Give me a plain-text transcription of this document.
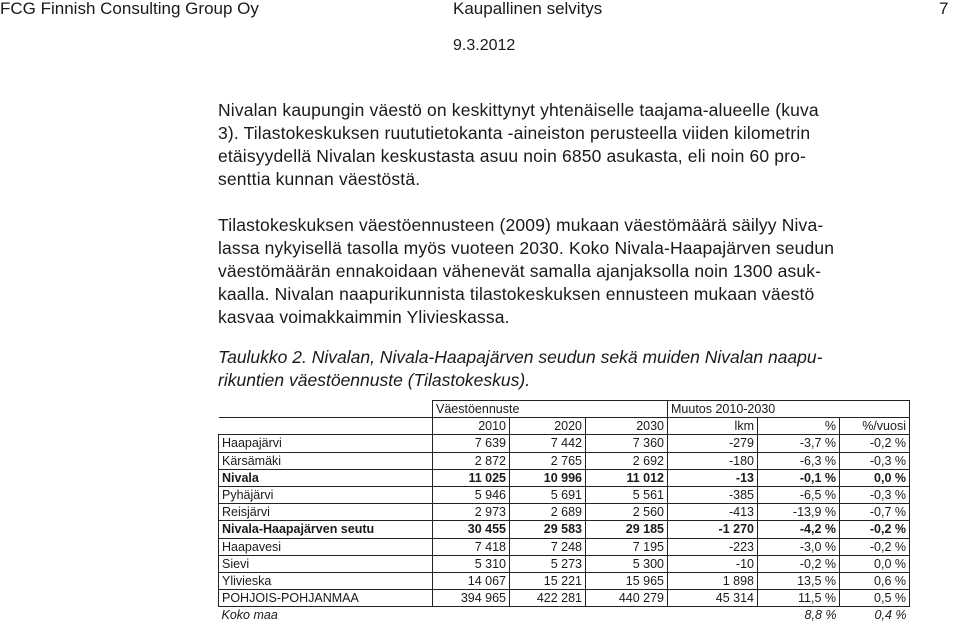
FCG Finnish Consulting Group Oy	Kaupallinen selvitys	7
9.3.2012

Nivalan kaupungin väestö on keskittynyt yhtenäiselle taajama-alueelle (kuva
3). Tilastokeskuksen ruututietokanta -aineiston perusteella viiden kilometrin
etäisyydellä Nivalan keskustasta asuu noin 6850 asukasta, eli noin 60 pro-
senttia kunnan väestöstä.

Tilastokeskuksen väestöennusteen (2009) mukaan väestömäärä säilyy Niva-
lassa nykyisellä tasolla myös vuoteen 2030. Koko Nivala-Haapajärven seudun
väestömäärän ennakoidaan vähenevät samalla ajanjaksolla noin 1300 asuk-
kaalla. Nivalan naapurikunnista tilastokeskuksen ennusteen mukaan väestö
kasvaa voimakkaimmin Ylivieskassa.

Taulukko 2. Nivalan, Nivala-Haapajärven seudun sekä muiden Nivalan naapu-
rikuntien väestöennuste (Tilastokeskus).

	Väestöennuste			Muutos 2010-2030		
	2010	2020	2030	lkm	%	%/vuosi
Haapajärvi	7 639	7 442	7 360	-279	-3,7 %	-0,2 %
Kärsämäki	2 872	2 765	2 692	-180	-6,3 %	-0,3 %
Nivala	11 025	10 996	11 012	-13	-0,1 %	0,0 %
Pyhäjärvi	5 946	5 691	5 561	-385	-6,5 %	-0,3 %
Reisjärvi	2 973	2 689	2 560	-413	-13,9 %	-0,7 %
Nivala-Haapajärven seutu	30 455	29 583	29 185	-1 270	-4,2 %	-0,2 %
Haapavesi	7 418	7 248	7 195	-223	-3,0 %	-0,2 %
Sievi	5 310	5 273	5 300	-10	-0,2 %	0,0 %
Ylivieska	14 067	15 221	15 965	1 898	13,5 %	0,6 %
POHJOIS-POHJANMAA	394 965	422 281	440 279	45 314	11,5 %	0,5 %
Koko maa					8,8 %	0,4 %
